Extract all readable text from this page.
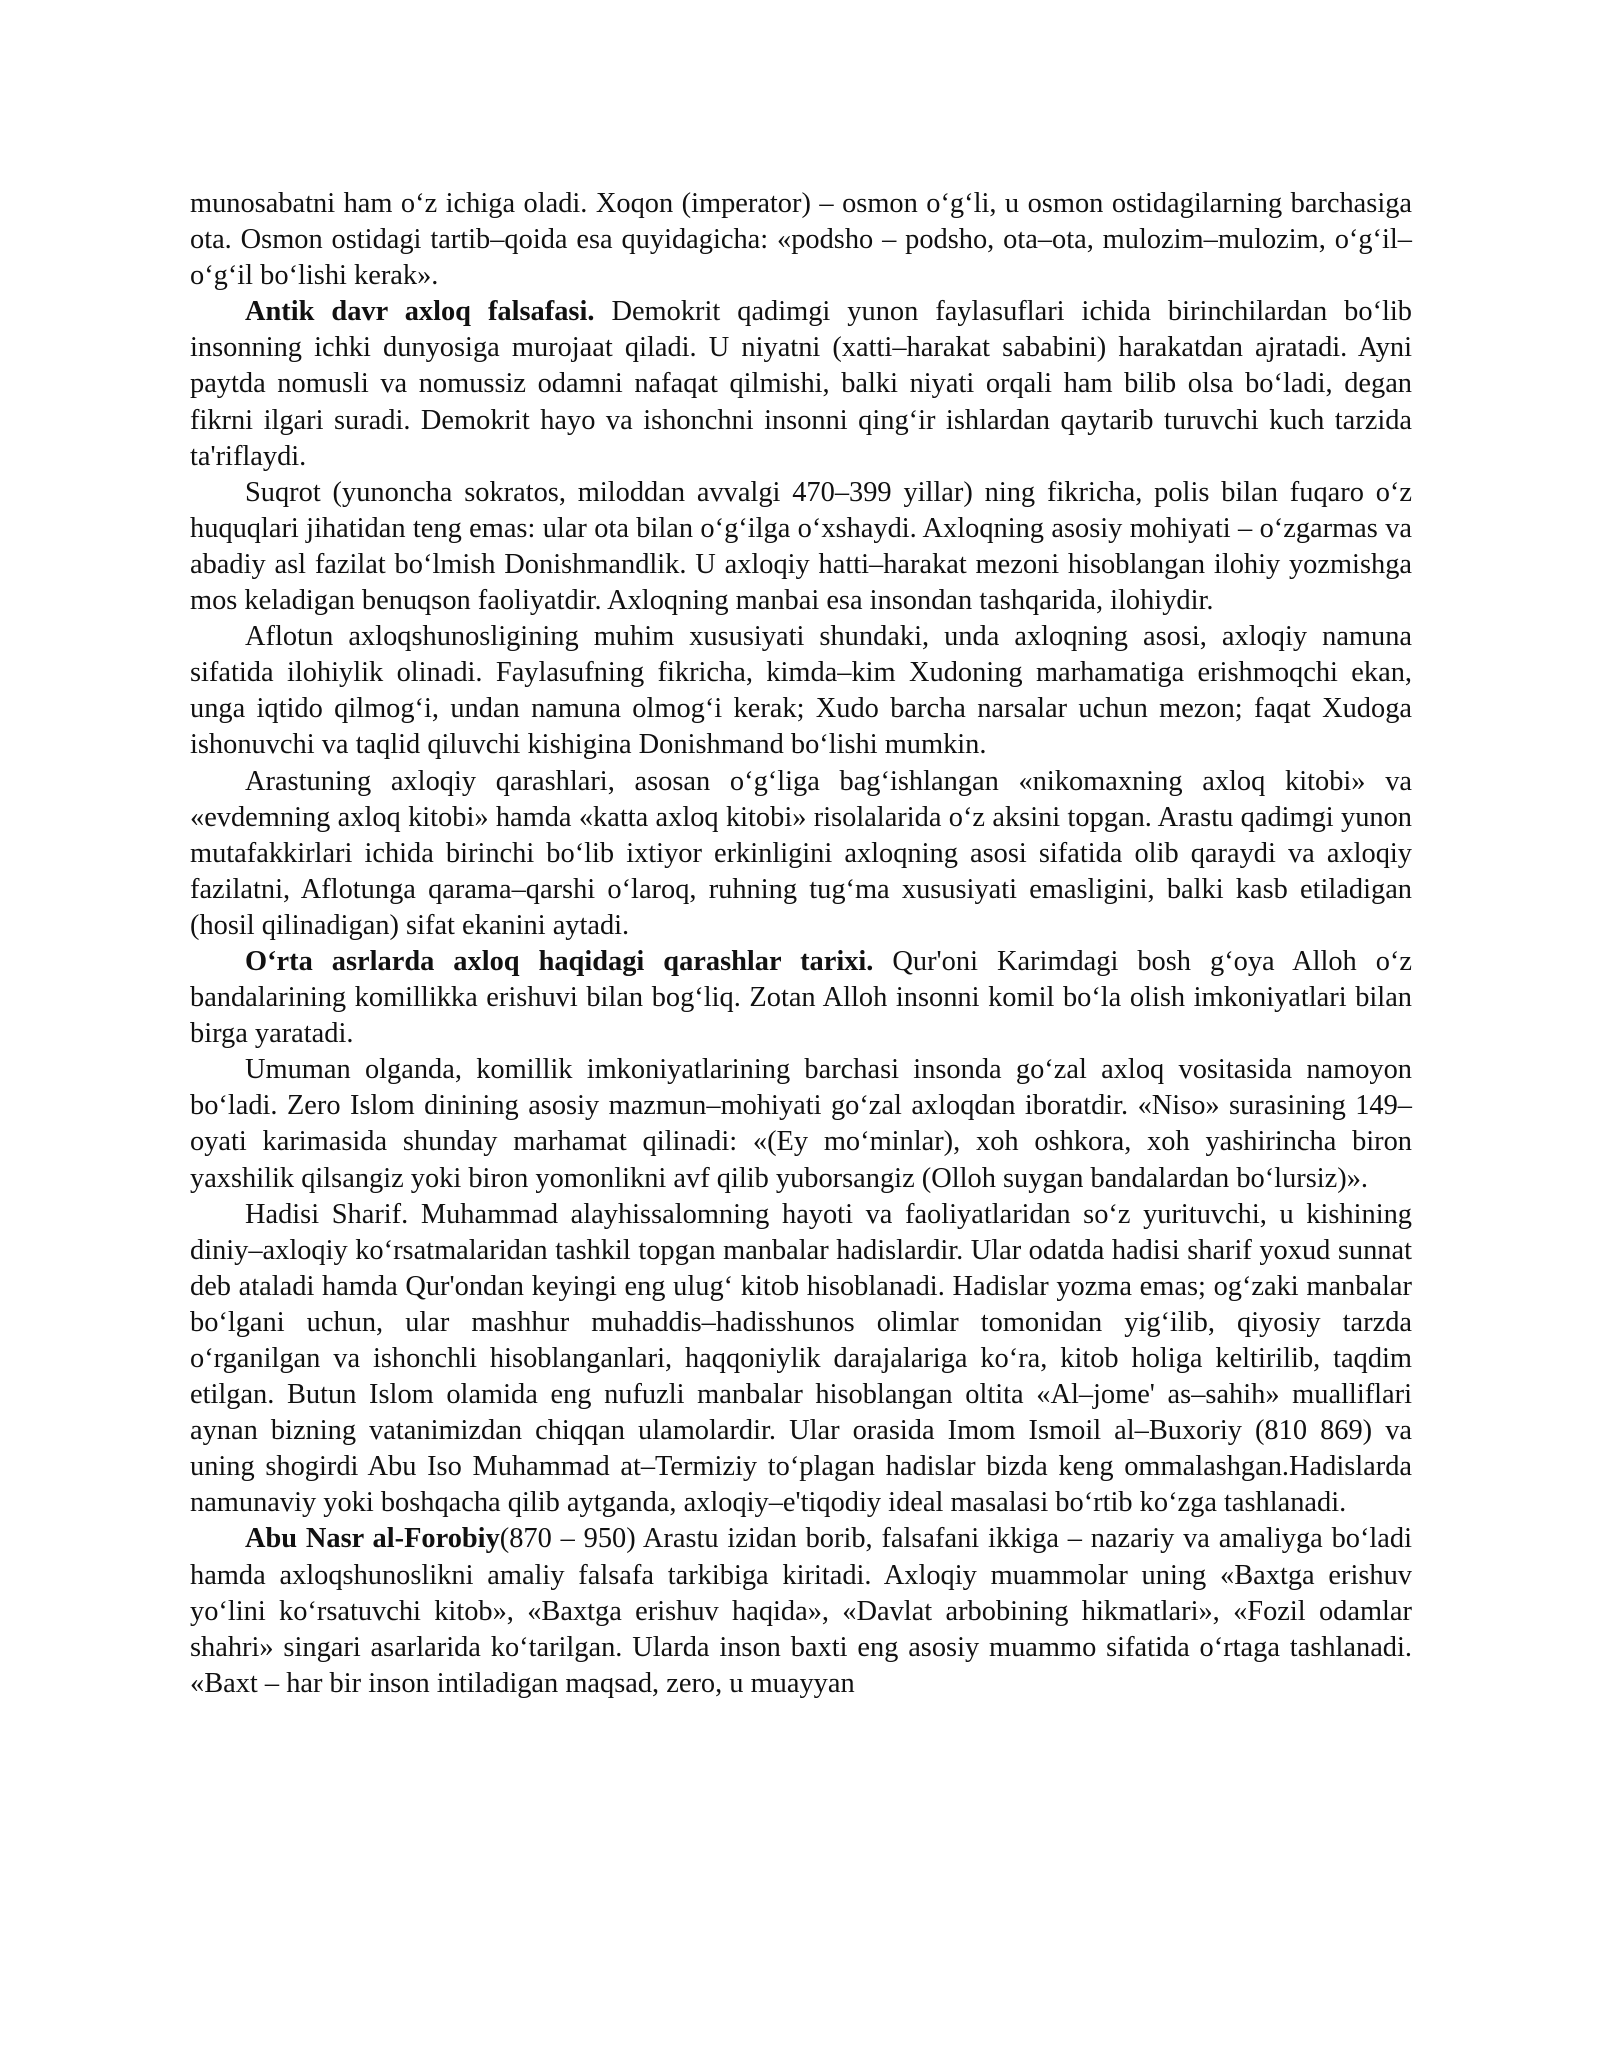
munosabatni ham o‘z ichiga oladi. Xoqon (imperator) – osmon o‘g‘li, u osmon ostidagilarning barchasiga ota. Osmon ostidagi tartib–qoida esa quyidagicha: «podsho – podsho, ota–ota, mulozim–mulozim, o‘g‘il–o‘g‘il bo‘lishi kerak».

Antik davr axloq falsafasi. Demokrit qadimgi yunon faylasuflari ichida birinchilardan bo‘lib insonning ichki dunyosiga murojaat qiladi. U niyatni (xatti–harakat sababini) harakatdan ajratadi. Ayni paytda nomusli va nomussiz odamni nafaqat qilmishi, balki niyati orqali ham bilib olsa bo‘ladi, degan fikrni ilgari suradi. Demokrit hayo va ishonchni insonni qing‘ir ishlardan qaytarib turuvchi kuch tarzida ta'riflaydi.

Suqrot (yunoncha sokratos, miloddan avvalgi 470–399 yillar) ning fikricha, polis bilan fuqaro o‘z huquqlari jihatidan teng emas: ular ota bilan o‘g‘ilga o‘xshaydi. Axloqning asosiy mohiyati – o‘zgarmas va abadiy asl fazilat bo‘lmish Donishmandlik. U axloqiy hatti–harakat mezoni hisoblangan ilohiy yozmishga mos keladigan benuqson faoliyatdir. Axloqning manbai esa insondan tashqarida, ilohiydir.

Aflotun axloqshunosligining muhim xususiyati shundaki, unda axloqning asosi, axloqiy namuna sifatida ilohiylik olinadi. Faylasufning fikricha, kimda–kim Xudoning marhamatiga erishmoqchi ekan, unga iqtido qilmog‘i, undan namuna olmog‘i kerak; Xudo barcha narsalar uchun mezon; faqat Xudoga ishonuvchi va taqlid qiluvchi kishigina Donishmand bo‘lishi mumkin.

Arastuning axloqiy qarashlari, asosan o‘g‘liga bag‘ishlangan «nikomaxning axloq kitobi» va «evdemning axloq kitobi» hamda «katta axloq kitobi» risolalarida o‘z aksini topgan. Arastu qadimgi yunon mutafakkirlari ichida birinchi bo‘lib ixtiyor erkinligini axloqning asosi sifatida olib qaraydi va axloqiy fazilatni, Aflotunga qarama–qarshi o‘laroq, ruhning tug‘ma xususiyati emasligini, balki kasb etiladigan (hosil qilinadigan) sifat ekanini aytadi.

O‘rta asrlarda axloq haqidagi qarashlar tarixi. Qur'oni Karimdagi bosh g‘oya Alloh o‘z bandalarining komillikka erishuvi bilan bog‘liq. Zotan Alloh insonni komil bo‘la olish imkoniyatlari bilan birga yaratadi.

Umuman olganda, komillik imkoniyatlarining barchasi insonda go‘zal axloq vositasida namoyon bo‘ladi. Zero Islom dinining asosiy mazmun–mohiyati go‘zal axloqdan iboratdir. «Niso» surasining 149–oyati karimasida shunday marhamat qilinadi: «(Ey mo‘minlar), xoh oshkora, xoh yashirincha biron yaxshilik qilsangiz yoki biron yomonlikni avf qilib yuborsangiz (Olloh suygan bandalardan bo‘lursiz)».

Hadisi Sharif. Muhammad alayhissalomning hayoti va faoliyatlaridan so‘z yurituvchi, u kishining diniy–axloqiy ko‘rsatmalaridan tashkil topgan manbalar hadislardir. Ular odatda hadisi sharif yoxud sunnat deb ataladi hamda Qur'ondan keyingi eng ulug‘ kitob hisoblanadi. Hadislar yozma emas; og‘zaki manbalar bo‘lgani uchun, ular mashhur muhaddis–hadisshunos olimlar tomonidan yig‘ilib, qiyosiy tarzda o‘rganilgan va ishonchli hisoblanganlari, haqqoniylik darajalariga ko‘ra, kitob holiga keltirilib, taqdim etilgan. Butun Islom olamida eng nufuzli manbalar hisoblangan oltita «Al–jome' as–sahih» mualliflari aynan bizning vatanimizdan chiqqan ulamolardir. Ular orasida Imom Ismoil al–Buxoriy (810 869) va uning shogirdi Abu Iso Muhammad at–Termiziy to‘plagan hadislar bizda keng ommalashgan.Hadislarda namunaviy yoki boshqacha qilib aytganda, axloqiy–e'tiqodiy ideal masalasi bo‘rtib ko‘zga tashlanadi.

Abu Nasr al-Forobiy(870 – 950) Arastu izidan borib, falsafani ikkiga – nazariy va amaliyga bo‘ladi hamda axloqshunoslikni amaliy falsafa tarkibiga kiritadi. Axloqiy muammolar uning «Baxtga erishuv yo‘lini ko‘rsatuvchi kitob», «Baxtga erishuv haqida», «Davlat arbobining hikmatlari», «Fozil odamlar shahri» singari asarlarida ko‘tarilgan. Ularda inson baxti eng asosiy muammo sifatida o‘rtaga tashlanadi. «Baxt – har bir inson intiladigan maqsad, zero, u muayyan
